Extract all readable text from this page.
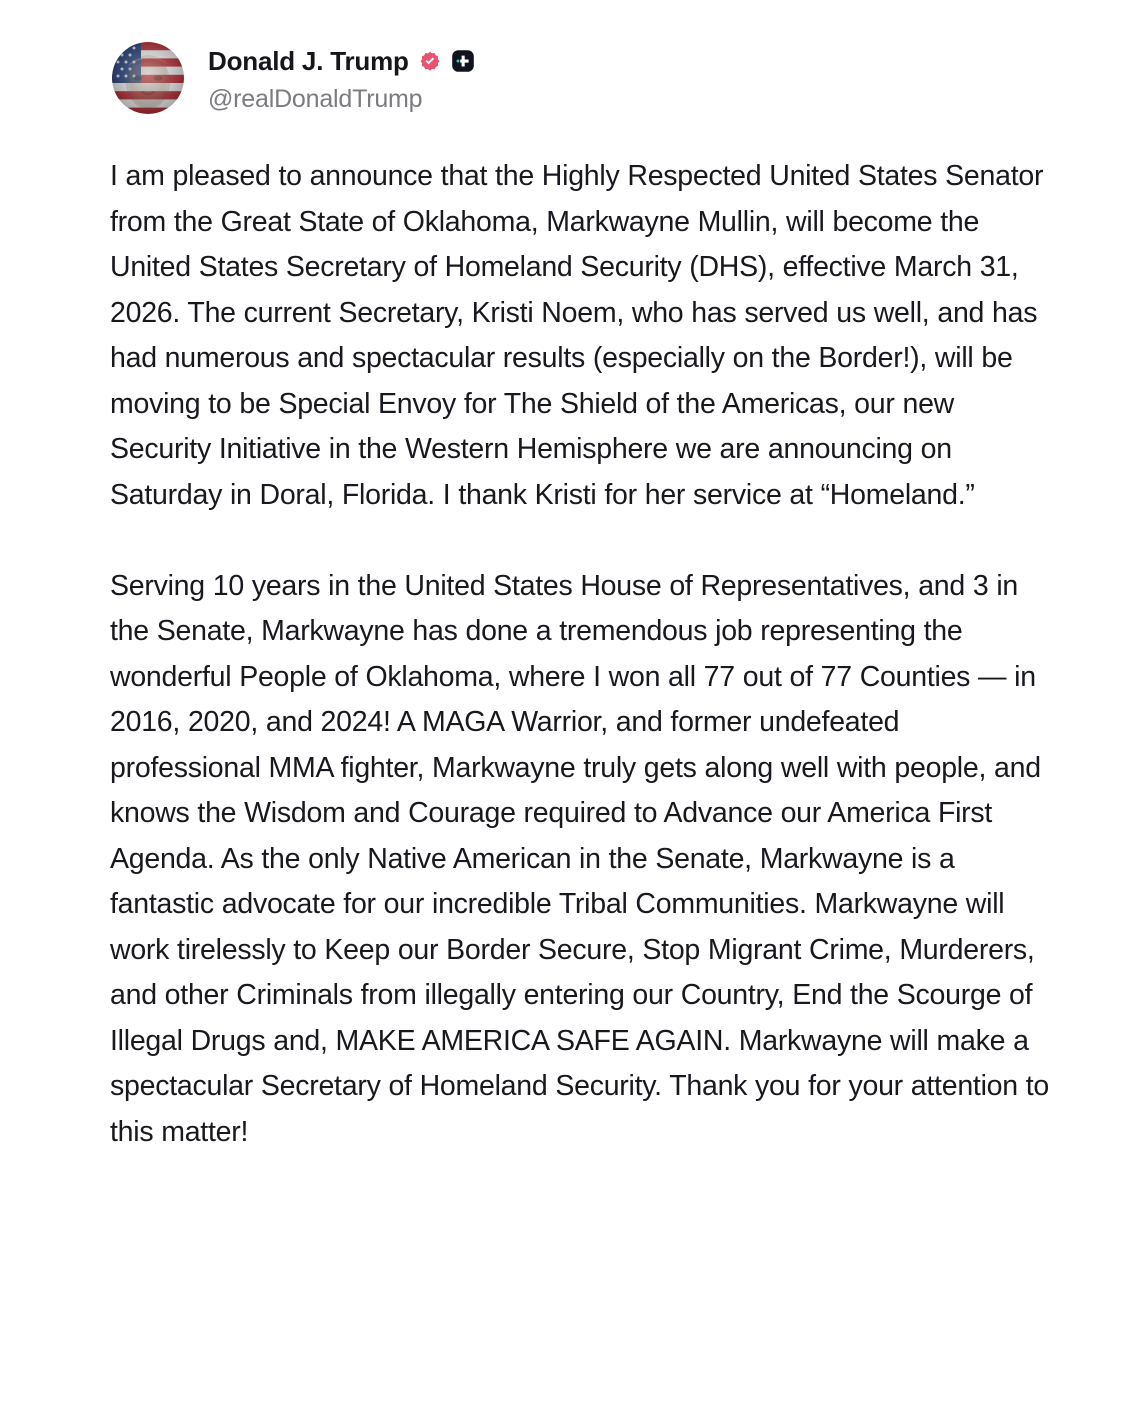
Donald J. Trump
@realDonaldTrump

I am pleased to announce that the Highly Respected United States Senator from the Great State of Oklahoma, Markwayne Mullin, will become the United States Secretary of Homeland Security (DHS), effective March 31, 2026. The current Secretary, Kristi Noem, who has served us well, and has had numerous and spectacular results (especially on the Border!), will be moving to be Special Envoy for The Shield of the Americas, our new Security Initiative in the Western Hemisphere we are announcing on Saturday in Doral, Florida. I thank Kristi for her service at “Homeland.”

Serving 10 years in the United States House of Representatives, and 3 in the Senate, Markwayne has done a tremendous job representing the wonderful People of Oklahoma, where I won all 77 out of 77 Counties — in 2016, 2020, and 2024! A MAGA Warrior, and former undefeated professional MMA fighter, Markwayne truly gets along well with people, and knows the Wisdom and Courage required to Advance our America First Agenda. As the only Native American in the Senate, Markwayne is a fantastic advocate for our incredible Tribal Communities. Markwayne will work tirelessly to Keep our Border Secure, Stop Migrant Crime, Murderers, and other Criminals from illegally entering our Country, End the Scourge of Illegal Drugs and, MAKE AMERICA SAFE AGAIN. Markwayne will make a spectacular Secretary of Homeland Security. Thank you for your attention to this matter!
